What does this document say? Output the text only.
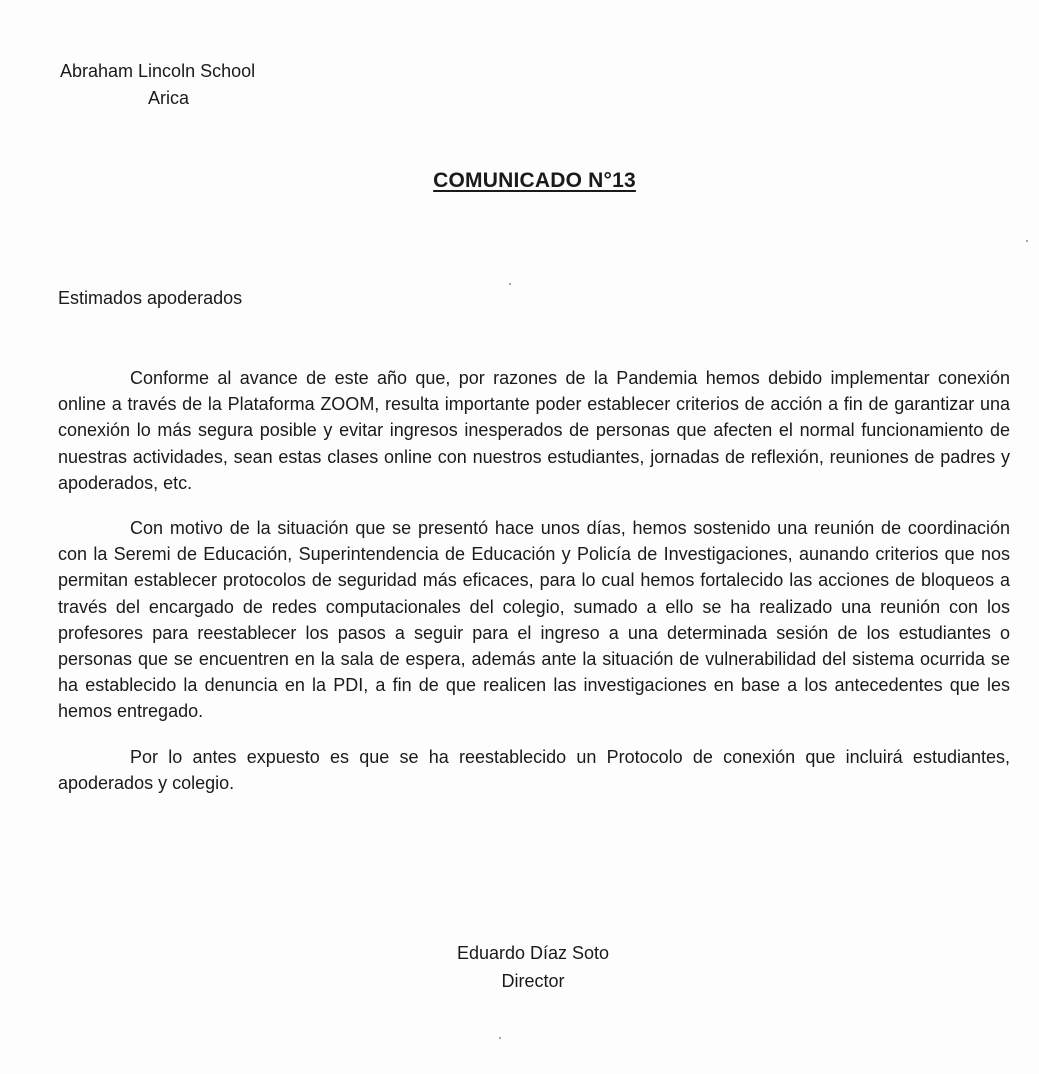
Abraham Lincoln School
Arica
COMUNICADO N°13
Estimados apoderados

Conforme al avance de este año que, por razones de la Pandemia hemos debido implementar conexión online a través de la Plataforma ZOOM, resulta importante poder establecer criterios de acción a fin de garantizar una conexión lo más segura posible y evitar ingresos inesperados de personas que afecten el normal funcionamiento de nuestras actividades, sean estas clases online con nuestros estudiantes, jornadas de reflexión, reuniones de padres y apoderados, etc.

Con motivo de la situación que se presentó hace unos días, hemos sostenido una reunión de coordinación con la Seremi de Educación, Superintendencia de Educación y Policía de Investigaciones, aunando criterios que nos permitan establecer protocolos de seguridad más eficaces, para lo cual hemos fortalecido las acciones de bloqueos a través del encargado de redes computacionales del colegio, sumado a ello se ha realizado una reunión con los profesores para reestablecer los pasos a seguir para el ingreso a una determinada sesión de los estudiantes o personas que se encuentren en la sala de espera, además ante la situación de vulnerabilidad del sistema ocurrida se ha establecido la denuncia en la PDI, a fin de que realicen las investigaciones en base a los antecedentes que les hemos entregado.

Por lo antes expuesto es que se ha reestablecido un Protocolo de conexión que incluirá estudiantes, apoderados y colegio.

Eduardo Díaz Soto
Director
